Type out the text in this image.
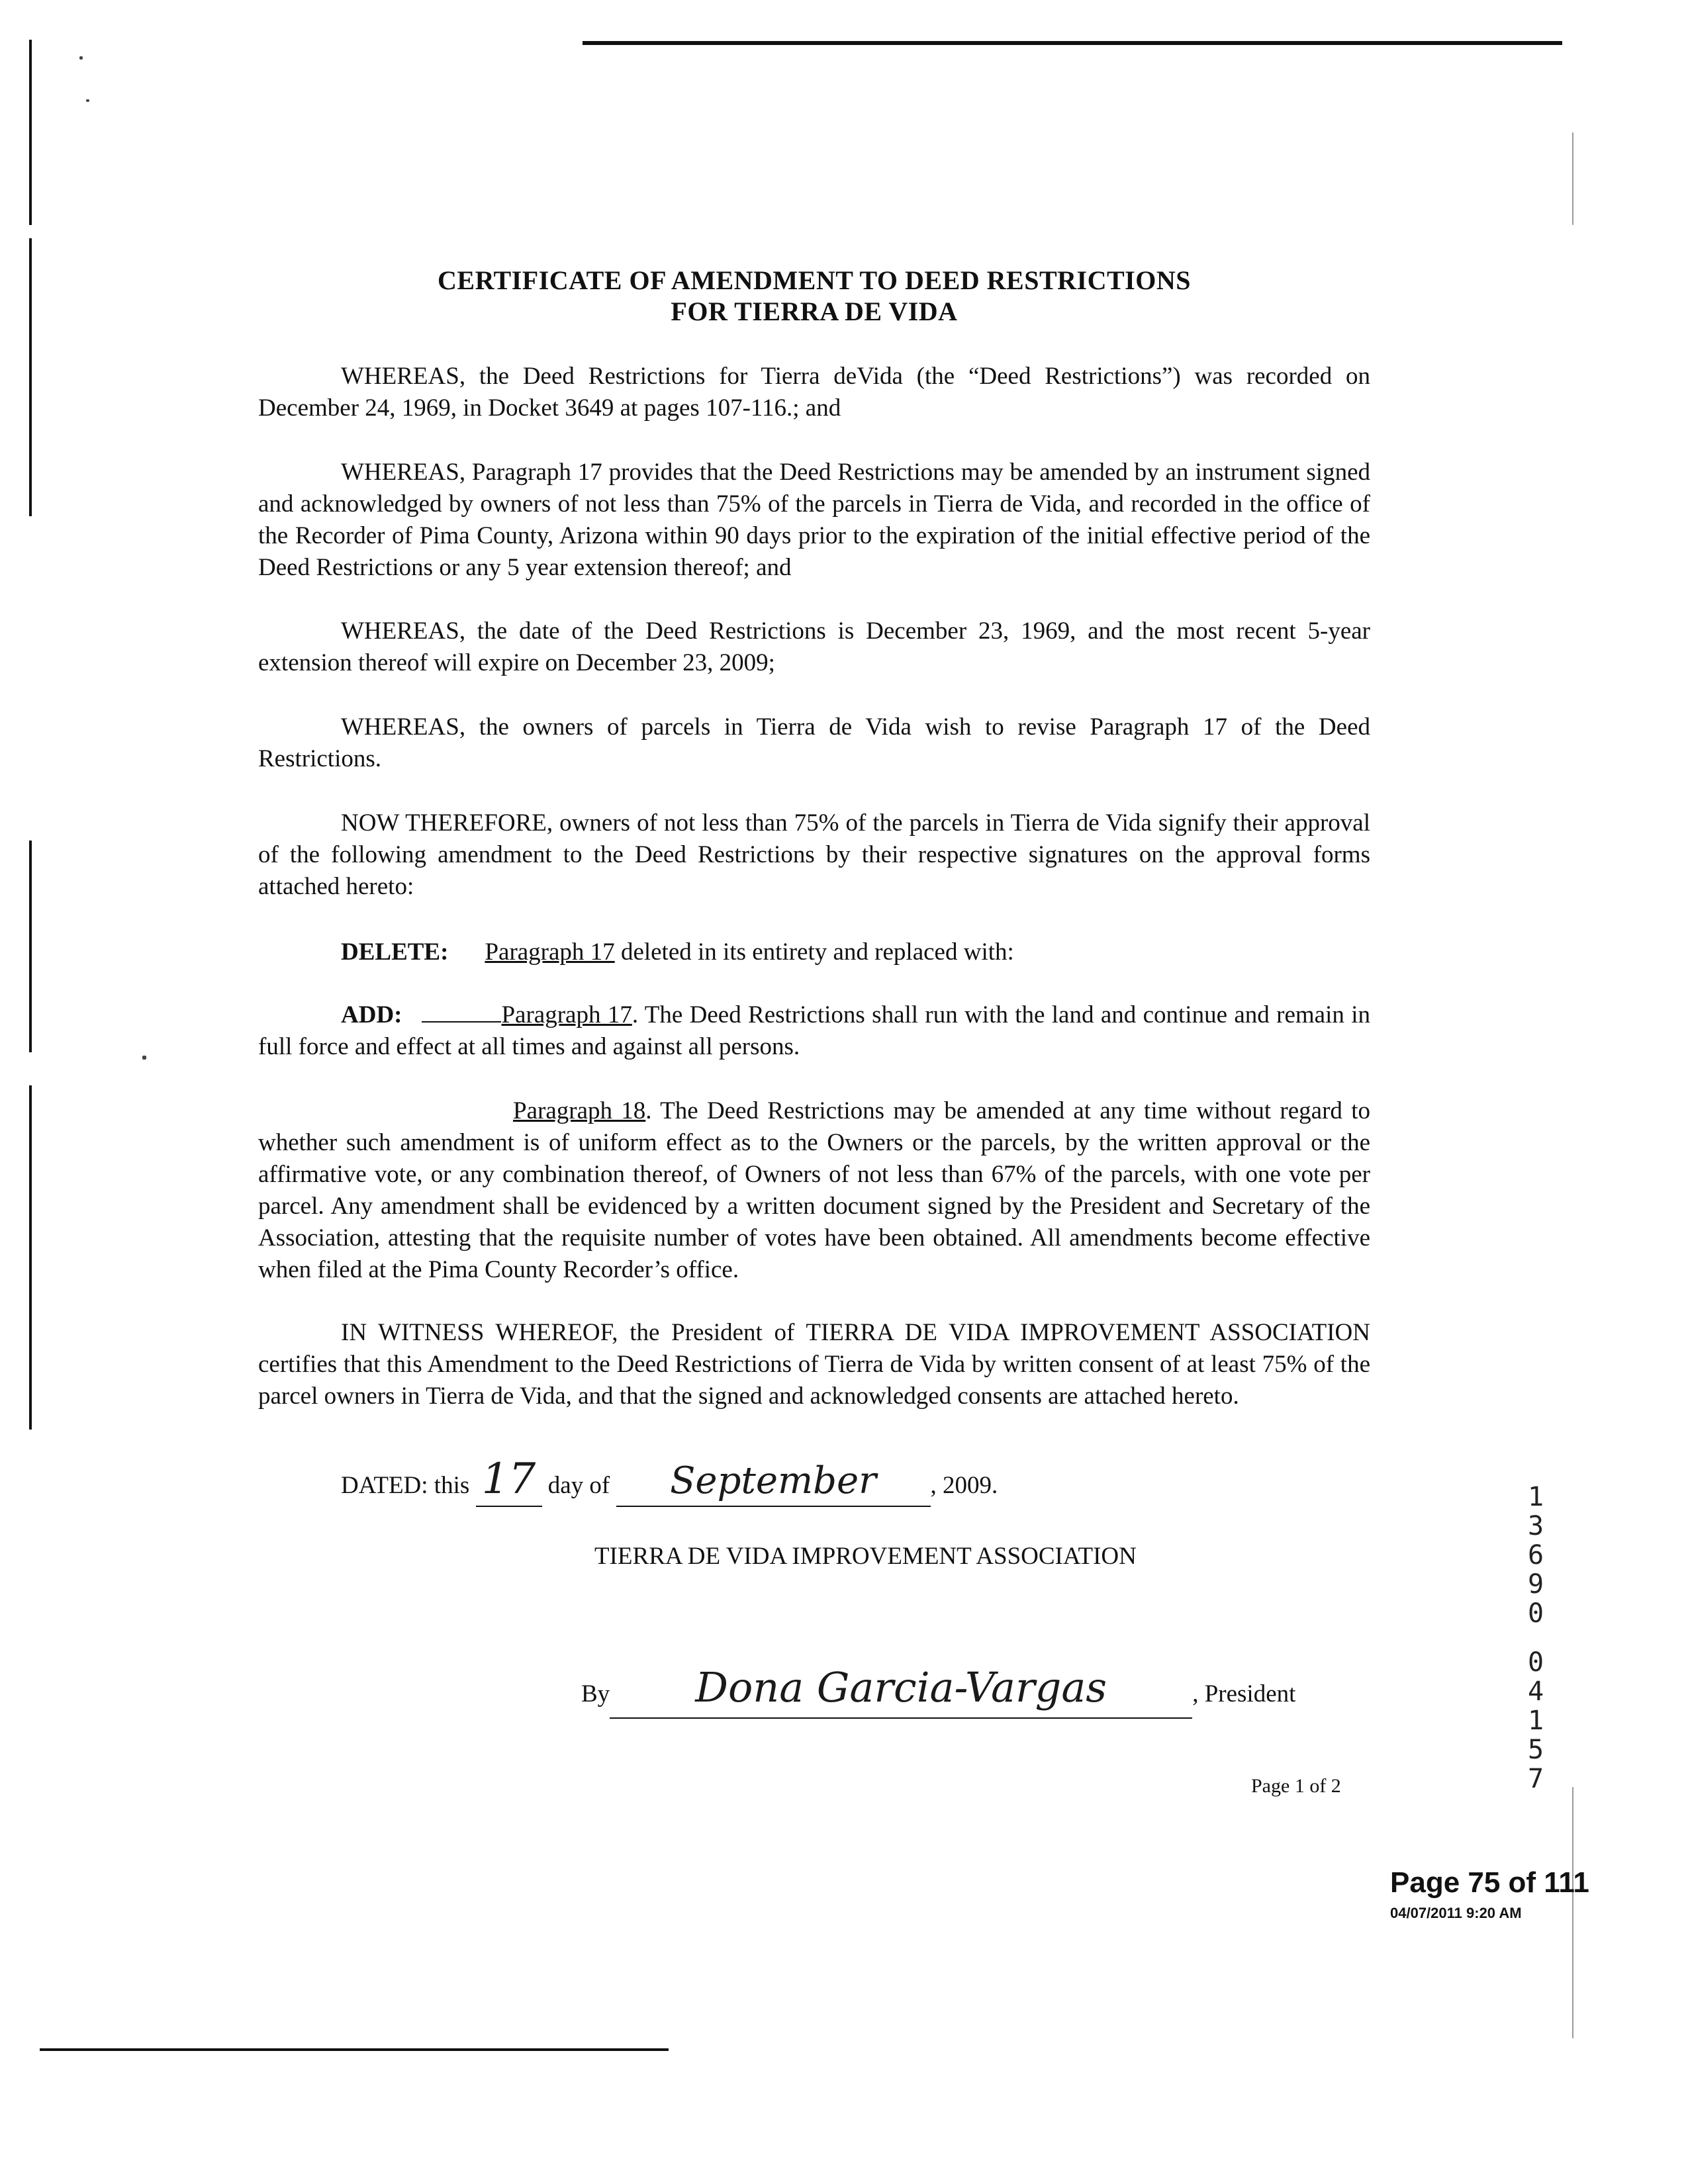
CERTIFICATE OF AMENDMENT TO DEED RESTRICTIONS
FOR TIERRA DE VIDA
WHEREAS, the Deed Restrictions for Tierra deVida (the “Deed Restrictions”) was recorded on December 24, 1969, in Docket 3649 at pages 107-116.; and
WHEREAS, Paragraph 17 provides that the Deed Restrictions may be amended by an instrument signed and acknowledged by owners of not less than 75% of the parcels in Tierra de Vida, and recorded in the office of the Recorder of Pima County, Arizona within 90 days prior to the expiration of the initial effective period of the Deed Restrictions or any 5 year extension thereof; and
WHEREAS, the date of the Deed Restrictions is December 23, 1969, and the most recent 5-year extension thereof will expire on December 23, 2009;
WHEREAS, the owners of parcels in Tierra de Vida wish to revise Paragraph 17 of the Deed Restrictions.
NOW THEREFORE, owners of not less than 75% of the parcels in Tierra de Vida signify their approval of the following amendment to the Deed Restrictions by their respective signatures on the approval forms attached hereto:
DELETE: Paragraph 17 deleted in its entirety and replaced with:
ADD:	Paragraph 17. The Deed Restrictions shall run with the land and continue and remain in full force and effect at all times and against all persons.
Paragraph 18. The Deed Restrictions may be amended at any time without regard to whether such amendment is of uniform effect as to the Owners or the parcels, by the written approval or the affirmative vote, or any combination thereof, of Owners of not less than 67% of the parcels, with one vote per parcel. Any amendment shall be evidenced by a written document signed by the President and Secretary of the Association, attesting that the requisite number of votes have been obtained. All amendments become effective when filed at the Pima County Recorder’s office.
IN WITNESS WHEREOF, the President of TIERRA DE VIDA IMPROVEMENT ASSOCIATION certifies that this Amendment to the Deed Restrictions of Tierra de Vida by written consent of at least 75% of the parcel owners in Tierra de Vida, and that the signed and acknowledged consents are attached hereto.
DATED: this 17 day of September , 2009.
TIERRA DE VIDA IMPROVEMENT ASSOCIATION
By Dona Garcia-Vargas	, President
Page 1 of 2
1
3
6
9
0
0
4
1
5
7
Page 75 of 111
04/07/2011 9:20 AM
